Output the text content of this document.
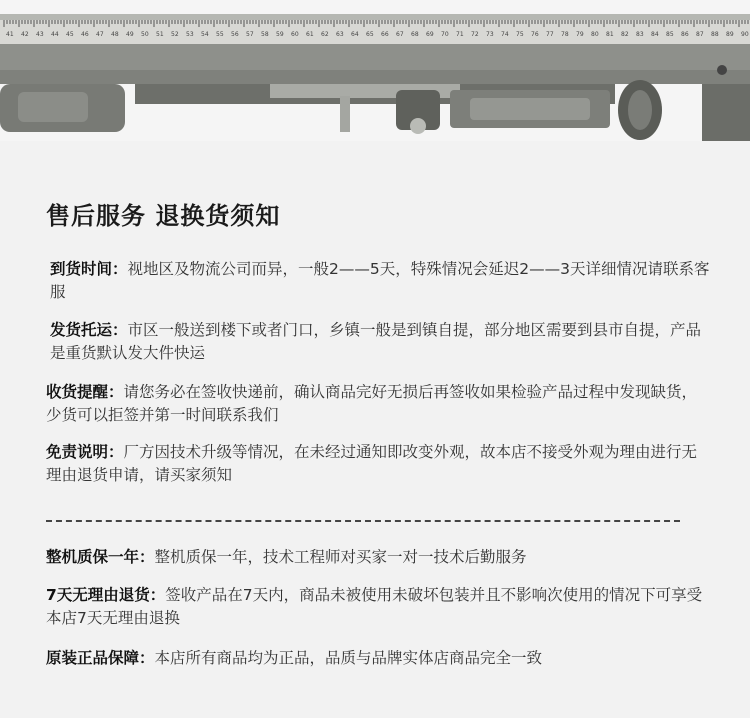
41 42 43 44 45 46 47 48 49 50 51 52 53 54 55 56 57 58 59 60 61 62 63 64 65 66 67 68 69 70 71 72 73 74 75 76 77 78 79 80 81 82 83 84 85 86 87 88 89 90
售后服务 退换货须知
到货时间：视地区及物流公司而异，一般2——5天，特殊情况会延迟2——3天详细情况请联系客服
发货托运：市区一般送到楼下或者门口，乡镇一般是到镇自提，部分地区需要到县市自提，产品是重货默认发大件快运
收货提醒：请您务必在签收快递前，确认商品完好无损后再签收如果检验产品过程中发现缺货，少货可以拒签并第一时间联系我们
免责说明：厂方因技术升级等情况，在未经过通知即改变外观，故本店不接受外观为理由进行无理由退货申请，请买家须知
整机质保一年：整机质保一年，技术工程师对买家一对一技术后勤服务
7天无理由退货：签收产品在7天内，商品未被使用未破坏包装并且不影响次使用的情况下可享受本店7天无理由退换
原装正品保障：本店所有商品均为正品，品质与品牌实体店商品完全一致
